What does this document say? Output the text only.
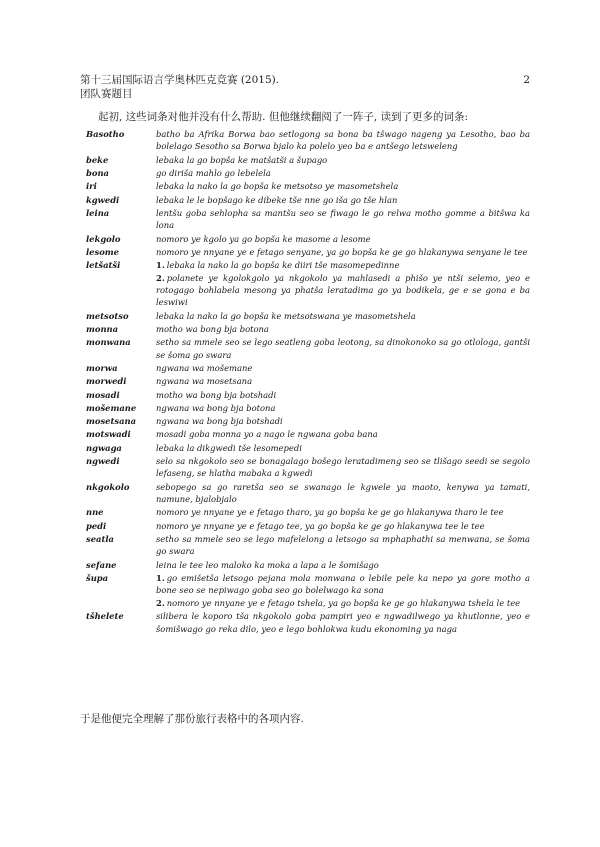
第十三届国际语言学奥林匹克竞赛 (2015).
团队赛题目
2
起初, 这些词条对他并没有什么帮助. 但他继续翻阅了一阵子, 读到了更多的词条:
Basotho	batho ba Afrika Borwa bao setlogong sa bona ba tšwago nageng ya Lesotho, bao ba bolelago Sesotho sa Borwa bjalo ka polelo yeo ba e antšego letsweleng
beke	lebaka la go bopša ke matšatši a šupago
bona	go diriša mahlo go lebelela
iri	lebaka la nako la go bopša ke metsotso ye masometshela
kgwedi	lebaka le le bopšago ke dibeke tše nne go iša go tše hlan
leina	lentšu goba sehlopha sa mantšu seo se fiwago le go relwa motho gomme a bitšwa ka lona
lekgolo	nomoro ye kgolo ya go bopša ke masome a lesome
lesome	nomoro ye nnyane ye e fetago senyane, ya go bopša ke ge go hlakanywa senyane le tee
letšatši	1. lebaka la nako la go bopša ke diiri tše masomepedinne
2. polanete ye kgolokgolo ya nkgokolo ya mahlasedi a phišo ye ntši selemo, yeo e rotogago bohlabela mesong ya phatša leratadima go ya bodikela, ge e se gona e ba leswiwi
metsotso	lebaka la nako la go bopša ke metsotswana ye masometshela
monna	motho wa bong bja botona
monwana	setho sa mmele seo se lego seatleng goba leotong, sa dinokonoko sa go otlologa, gantši se šoma go swara
morwa	ngwana wa mošemane
morwedi	ngwana wa mosetsana
mosadi	motho wa bong bja botshadi
mošemane	ngwana wa bong bja botona
mosetsana	ngwana wa bong bja botshadi
motswadi	mosadi goba monna yo a nago le ngwana goba bana
ngwaga	lebaka la dikgwedi tše lesomepedi
ngwedi	selo sa nkgokolo seo se bonagalago bošego leratadimeng seo se tlišago seedi se segolo lefaseng, se hlatha mabaka a kgwedi
nkgokolo	sebopego sa go raretša seo se swanago le kgwele ya maoto, kenywa ya tamati, namune, bjalobjalo
nne	nomoro ye nnyane ye e fetago tharo, ya go bopša ke ge go hlakanywa tharo le tee
pedi	nomoro ye nnyane ye e fetago tee, ya go bopša ke ge go hlakanywa tee le tee
seatla	setho sa mmele seo se lego mafelelong a letsogo sa mphaphathi sa menwana, se šoma go swara
sefane	leina le tee leo maloko ka moka a lapa a le šomišago
šupa	1. go emišetša letsogo pejana mola monwana o lebile pele ka nepo ya gore motho a bone seo se nepiwago goba seo go bolelwago ka sona
2. nomoro ye nnyane ye e fetago tshela, ya go bopša ke ge go hlakanywa tshela le tee
tšhelete	silibera le koporo tša nkgokolo goba pampiri yeo e ngwadilwego ya khutlonne, yeo e šomišwago go reka dilo, yeo e lego bohlokwa kudu ekonoming ya naga
于是他便完全理解了那份旅行表格中的各项内容.
